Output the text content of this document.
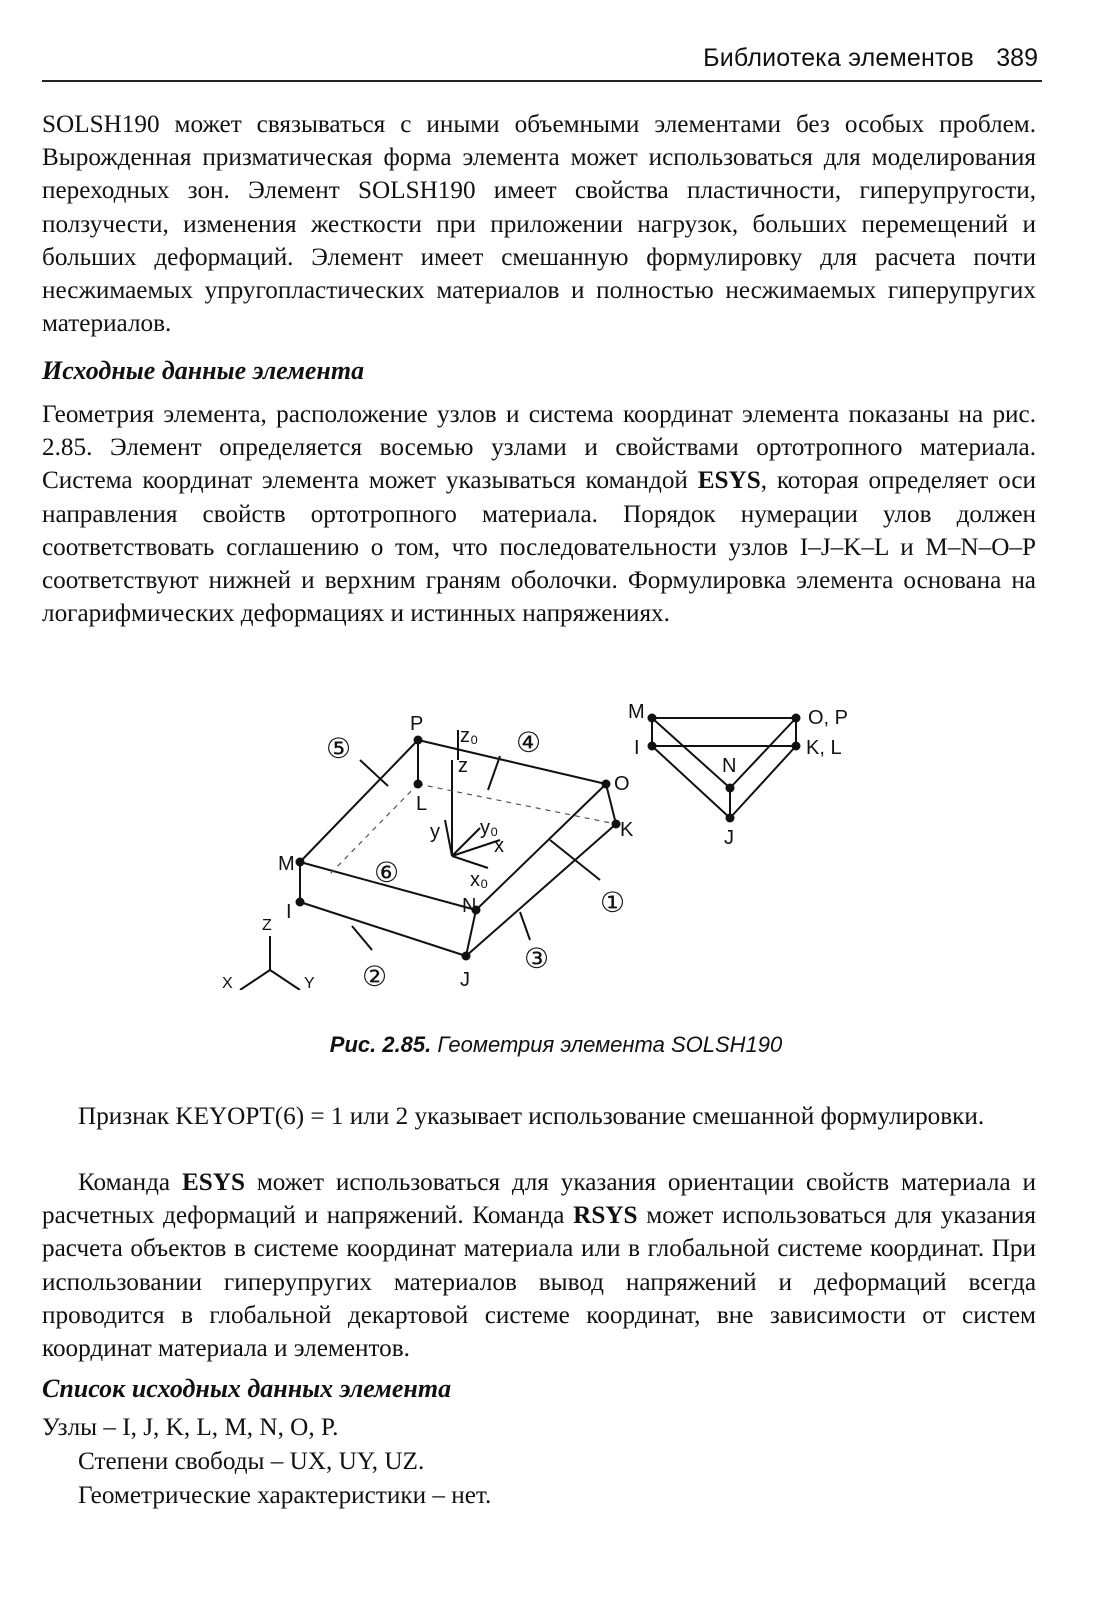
Библиотека элементов 389

SOLSH190 может связываться с иными объемными элементами без особых проблем. Вырожденная призматическая форма элемента может использоваться для моделирования переходных зон. Элемент SOLSH190 имеет свойства пластичности, гиперупругости, ползучести, изменения жесткости при приложении нагрузок, больших перемещений и больших деформаций. Элемент имеет смешанную формулировку для расчета почти несжимаемых упругопластических материалов и полностью несжимаемых гиперупругих материалов.

Исходные данные элемента

Геометрия элемента, расположение узлов и система координат элемента показаны на рис. 2.85. Элемент определяется восемью узлами и свойствами ортотропного материала. Система координат элемента может указываться командой ESYS, которая определяет оси направления свойств ортотропного материала. Порядок нумерации улов должен соответствовать соглашению о том, что последовательности узлов I–J–K–L и M–N–O–P соответствуют нижней и верхним граням оболочки. Формулировка элемента основана на логарифмических деформациях и истинных напряжениях.

P
z₀
z
L
y y₀
x
x₀
O
K
M
I	N
J
①
②
③
④
⑤
⑥
Z
X	Y
M	O, P
I	K, L
N
J
Рис. 2.85. Геометрия элемента SOLSH190

Признак KEYOPT(6) = 1 или 2 указывает использование смешанной формулировки.

Команда ESYS может использоваться для указания ориентации свойств материала и расчетных деформаций и напряжений. Команда RSYS может использоваться для указания расчета объектов в системе координат материала или в глобальной системе координат. При использовании гиперупругих материалов вывод напряжений и деформаций всегда проводится в глобальной декартовой системе координат, вне зависимости от систем координат материала и элементов.

Список исходных данных элемента

Узлы – I, J, K, L, M, N, O, P.

Степени свободы – UX, UY, UZ.

Геометрические характеристики – нет.
